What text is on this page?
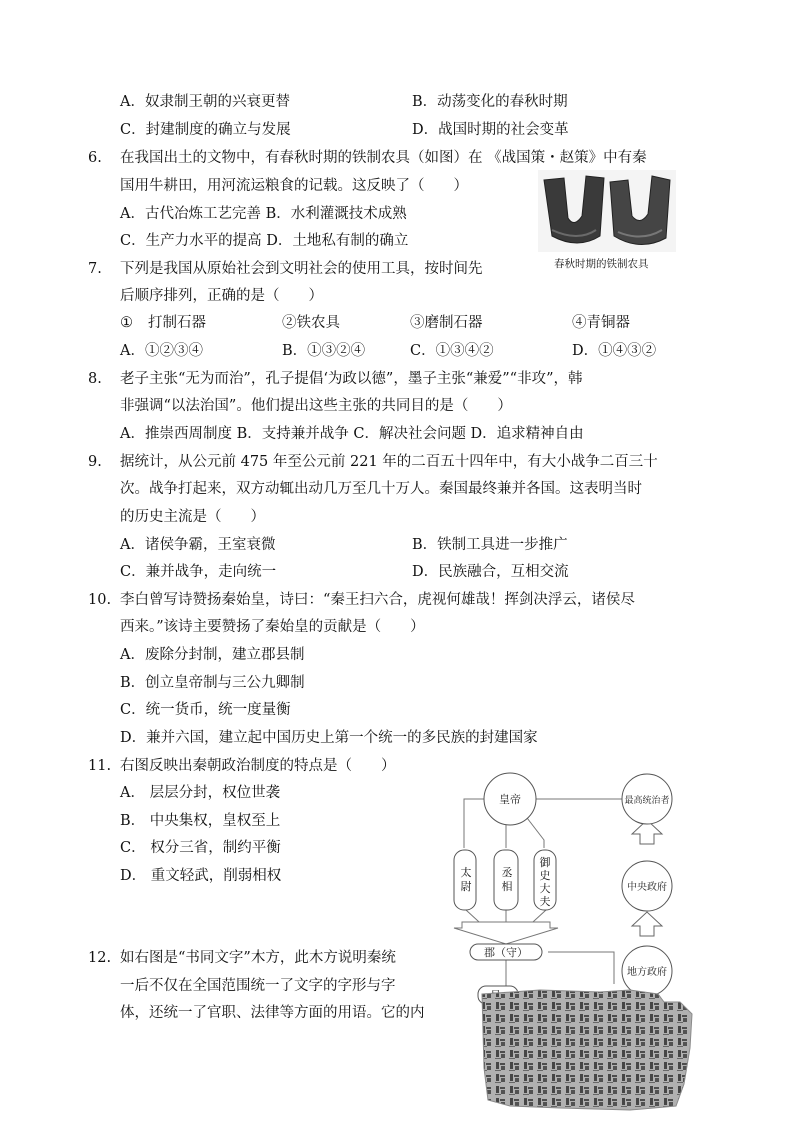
A．奴隶制王朝的兴衰更替	B．动荡变化的春秋时期
C．封建制度的确立与发展	D．战国时期的社会变革
6. 在我国出土的文物中，有春秋时期的铁制农具（如图）在 《战国策・赵策》中有秦
国用牛耕田，用河流运粮食的记载。这反映了（　　）
A．古代冶炼工艺完善 B．水利灌溉技术成熟
C．生产力水平的提高 D．土地私有制的确立
春秋时期的铁制农具
7. 下列是我国从原始社会到文明社会的使用工具，按时间先
后顺序排列，正确的是（　　）
① 打制石器	②铁农具	③磨制石器	④青铜器
A．①②③④	B．①③②④	C．①③④②	D．①④③②
8. 老子主张“无为而治”，孔子提倡‘为政以德”，墨子主张“兼爱”“非攻”，韩
非强调“以法治国”。他们提出这些主张的共同目的是（　　）
A．推崇西周制度 B．支持兼并战争 C．解决社会问题 D．追求精神自由
9. 据统计，从公元前 475 年至公元前 221 年的二百五十四年中，有大小战争二百三十
次。战争打起来，双方动辄出动几万至几十万人。秦国最终兼并各国。这表明当时
的历史主流是（　　）
A．诸侯争霸，王室衰微	B．铁制工具进一步推广
C．兼并战争，走向统一	D．民族融合，互相交流
10. 李白曾写诗赞扬秦始皇，诗曰：“秦王扫六合，虎视何雄哉！挥剑决浮云，诸侯尽
西来。”该诗主要赞扬了秦始皇的贡献是（　　）
A．废除分封制，建立郡县制
B．创立皇帝制与三公九卿制
C．统一货币，统一度量衡
D．兼并六国，建立起中国历史上第一个统一的多民族的封建国家
11. 右图反映出秦朝政治制度的特点是（　　）
A． 层层分封，权位世袭
B． 中央集权，皇权至上
C． 权分三省，制约平衡
D． 重文轻武，削弱相权
皇帝	最高统治者
中央政府
地方政府
郡（守）
太尉
丞相
御史大夫
12. 如右图是“书同文字”木方，此木方说明秦统
一后不仅在全国范围统一了文字的字形与字
体，还统一了官职、法律等方面的用语。它的内
